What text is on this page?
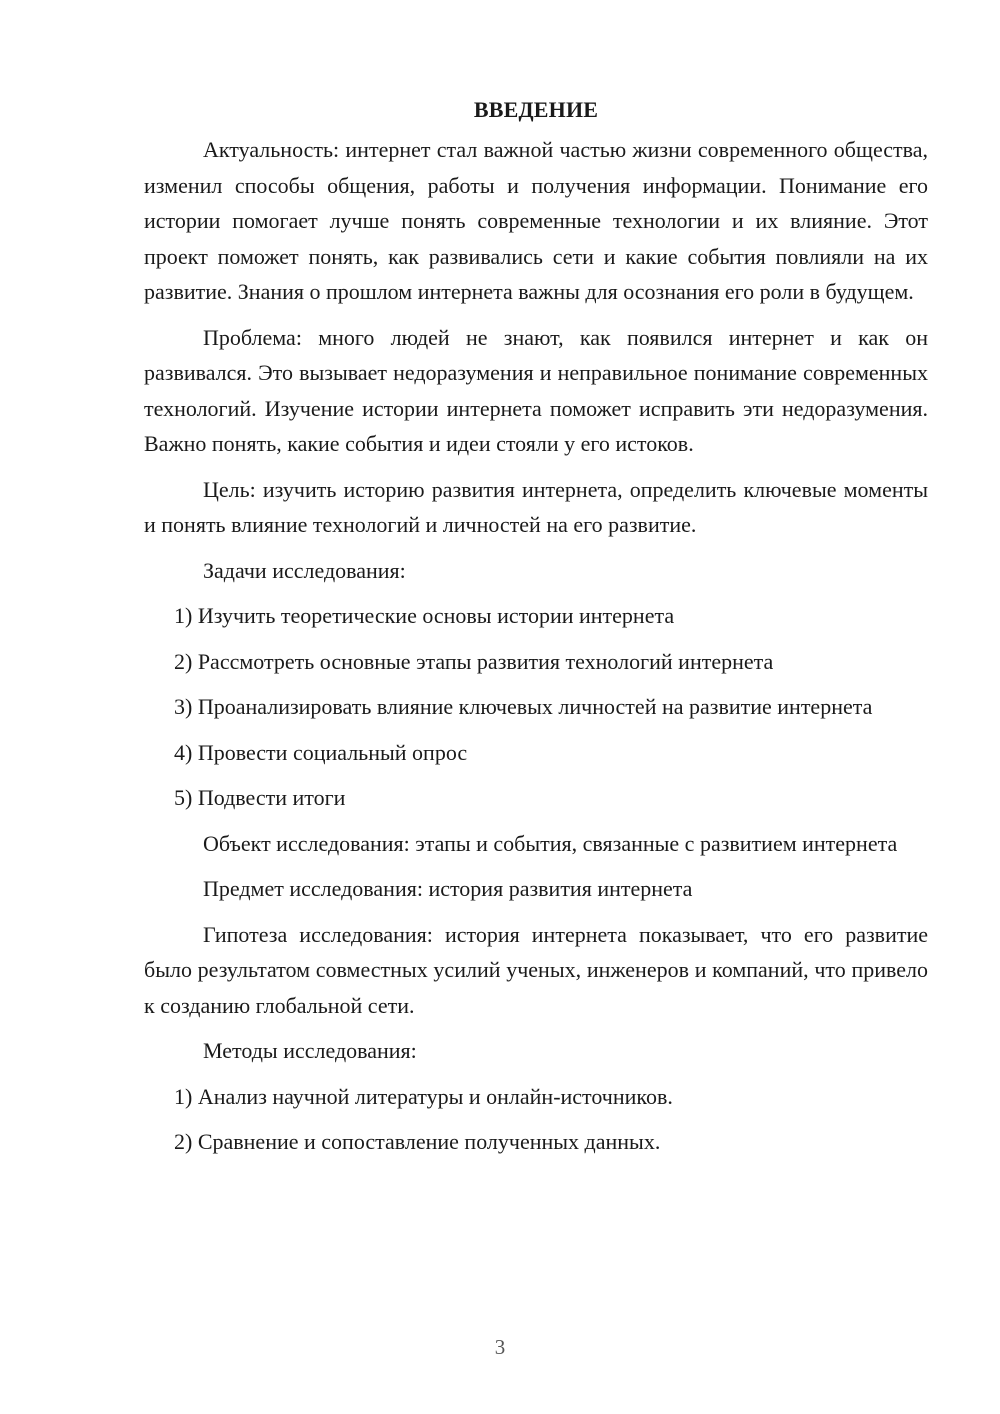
ВВЕДЕНИЕ

Актуальность: интернет стал важной частью жизни современного общества, изменил способы общения, работы и получения информации. Понимание его истории помогает лучше понять современные технологии и их влияние. Этот проект поможет понять, как развивались сети и какие события повлияли на их развитие. Знания о прошлом интернета важны для осознания его роли в будущем.

Проблема: много людей не знают, как появился интернет и как он развивался. Это вызывает недоразумения и неправильное понимание современных технологий. Изучение истории интернета поможет исправить эти недоразумения. Важно понять, какие события и идеи стояли у его истоков.

Цель: изучить историю развития интернета, определить ключевые моменты и понять влияние технологий и личностей на его развитие.

Задачи исследования:

1) Изучить теоретические основы истории интернета

2) Рассмотреть основные этапы развития технологий интернета

3) Проанализировать влияние ключевых личностей на развитие интернета

4) Провести социальный опрос

5) Подвести итоги

Объект исследования: этапы и события, связанные с развитием интернета

Предмет исследования: история развития интернета

Гипотеза исследования: история интернета показывает, что его развитие было результатом совместных усилий ученых, инженеров и компаний, что привело к созданию глобальной сети.

Методы исследования:

1) Анализ научной литературы и онлайн-источников.

2) Сравнение и сопоставление полученных данных.

3
